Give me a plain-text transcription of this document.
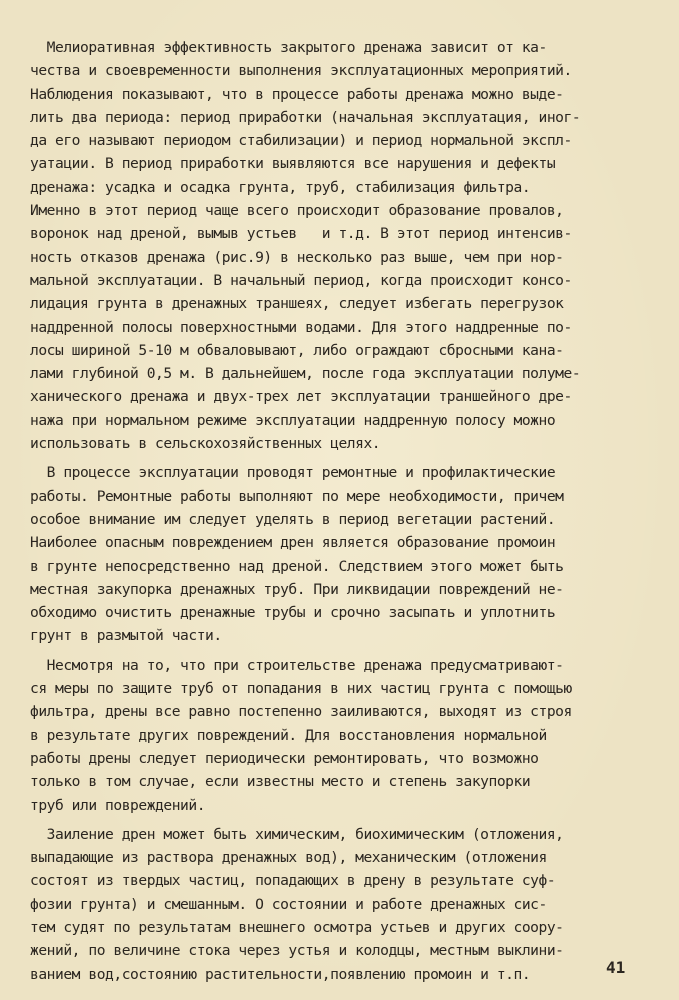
Мелиоративная эффективность закрытого дренажа зависит от ка-
чества и своевременности выполнения эксплуатационных мероприятий.
Наблюдения показывают, что в процессе работы дренажа можно выде-
лить два периода: период приработки (начальная эксплуатация, иног-
да его называют периодом стабилизации) и период нормальной экспл-
уатации. В период приработки выявляются все нарушения и дефекты
дренажа: усадка и осадка грунта, труб, стабилизация фильтра.
Именно в этот период чаще всего происходит образование провалов,
воронок над дреной, вымыв устьев   и т.д. В этот период интенсив-
ность отказов дренажа (рис.9) в несколько раз выше, чем при нор-
мальной эксплуатации. В начальный период, когда происходит консо-
лидация грунта в дренажных траншеях, следует избегать перегрузок
наддренной полосы поверхностными водами. Для этого наддренные по-
лосы шириной 5-10 м обваловывают, либо ограждают сбросными кана-
лами глубиной 0,5 м. В дальнейшем, после года эксплуатации полуме-
ханического дренажа и двух-трех лет эксплуатации траншейного дре-
нажа при нормальном режиме эксплуатации наддренную полосу можно
использовать в сельскохозяйственных целях.
В процессе эксплуатации проводят ремонтные и профилактические
работы. Ремонтные работы выполняют по мере необходимости, причем
особое внимание им следует уделять в период вегетации растений.
Наиболее опасным повреждением дрен является образование промоин
в грунте непосредственно над дреной. Следствием этого может быть
местная закупорка дренажных труб. При ликвидации повреждений не-
обходимо очистить дренажные трубы и срочно засыпать и уплотнить
грунт в размытой части.
Несмотря на то, что при строительстве дренажа предусматривают-
ся меры по защите труб от попадания в них частиц грунта с помощью
фильтра, дрены все равно постепенно заиливаются, выходят из строя
в результате других повреждений. Для восстановления нормальной
работы дрены следует периодически ремонтировать, что возможно
только в том случае, если известны место и степень закупорки
труб или повреждений.
Заиление дрен может быть химическим, биохимическим (отложения,
выпадающие из раствора дренажных вод), механическим (отложения
состоят из твердых частиц, попадающих в дрену в результате суф-
фозии грунта) и смешанным. О состоянии и работе дренажных сис-
тем судят по результатам внешнего осмотра устьев и других соору-
жений, по величине стока через устья и колодцы, местным выклини-
ванием вод,состоянию растительности,появлению промоин и т.п.	41
